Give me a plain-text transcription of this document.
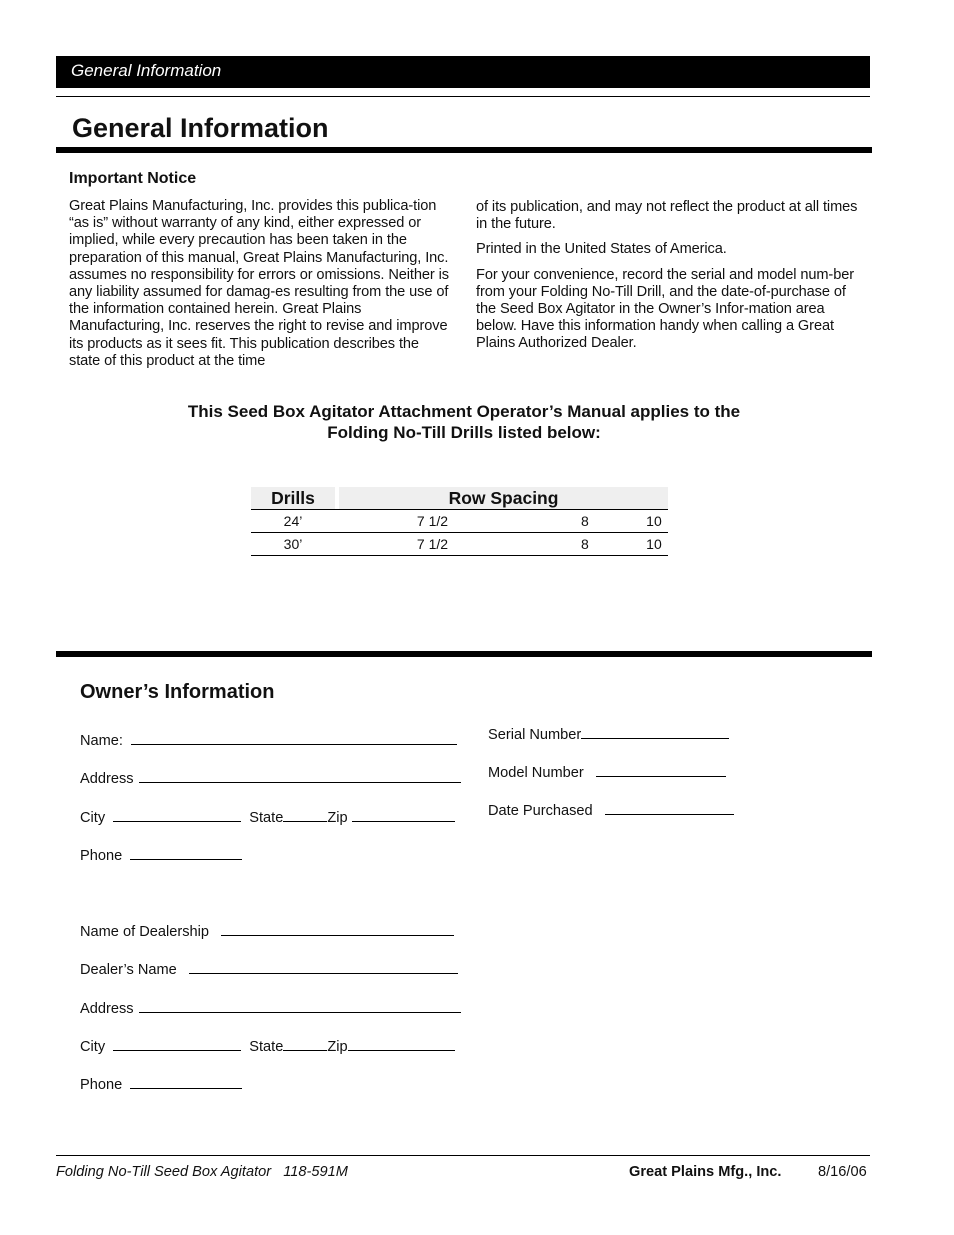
General Information
General Information
Important Notice

Great Plains Manufacturing, Inc. provides this publica-tion “as is” without warranty of any kind, either expressed or implied, while every precaution has been taken in the preparation of this manual, Great Plains Manufacturing, Inc. assumes no responsibility for errors or omissions. Neither is any liability assumed for damag-es resulting from the use of the information contained herein. Great Plains Manufacturing, Inc. reserves the right to revise and improve its products as it sees fit. This publication describes the state of this product at the time

of its publication, and may not reflect the product at all times in the future.

Printed in the United States of America.

For your convenience, record the serial and model num-ber from your Folding No-Till Drill, and the date-of-purchase of the Seed Box Agitator in the Owner’s Infor-mation area below. Have this information handy when calling a Great Plains Authorized Dealer.

This Seed Box Agitator Attachment Operator’s Manual applies to the
Folding No-Till Drills listed below:
Drills		Row Spacing		
24’	7 1/2		8	10
30’	7 1/2		8	10
Owner’s Information
Name:
Address
City	State	Zip
Phone
Serial Number
Model Number
Date Purchased
Name of Dealership
Dealer’s Name
Address
City	State	Zip
Phone
Folding No-Till Seed Box Agitator   118-591M	Great Plains Mfg., Inc.	8/16/06
